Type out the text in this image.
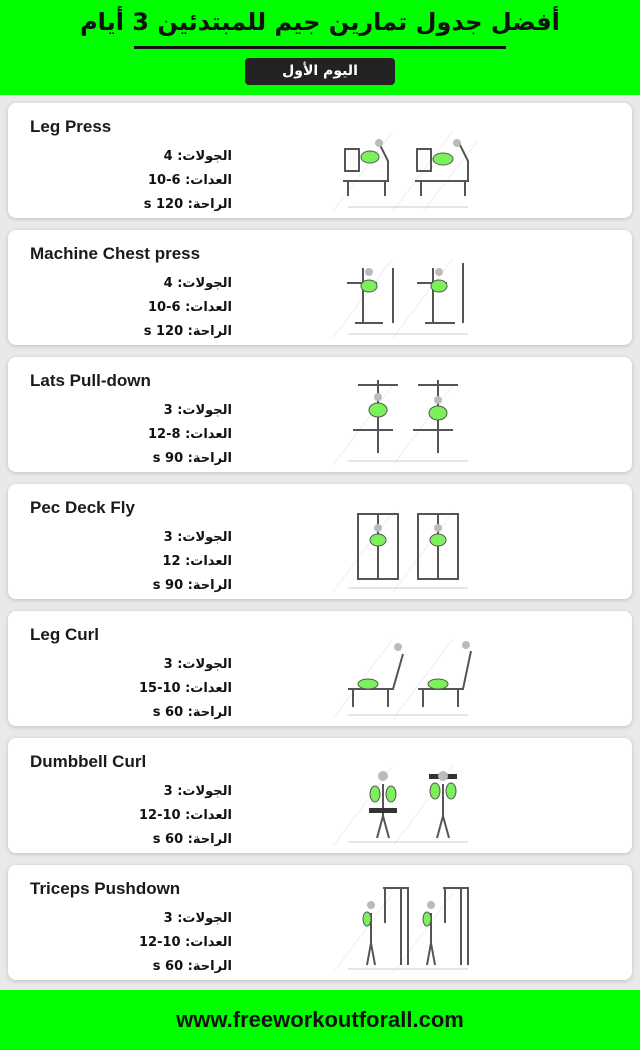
أفضل جدول تمارين جيم للمبتدئين 3 أيام
اليوم الأول
Leg Press
الجولات: 4
العدات: 6-10
الراحة: 120 s
Machine Chest press
الجولات: 4
العدات: 6-10
الراحة: 120 s
Lats Pull-down
الجولات: 3
العدات: 8-12
الراحة: 90 s
Pec Deck Fly
الجولات: 3
العدات: 12
الراحة: 90 s
Leg Curl
الجولات: 3
العدات: 10-15
الراحة: 60 s
Dumbbell Curl
الجولات: 3
العدات: 10-12
الراحة: 60 s
Triceps Pushdown
الجولات: 3
العدات: 10-12
الراحة: 60 s
www.freeworkoutforall.com
